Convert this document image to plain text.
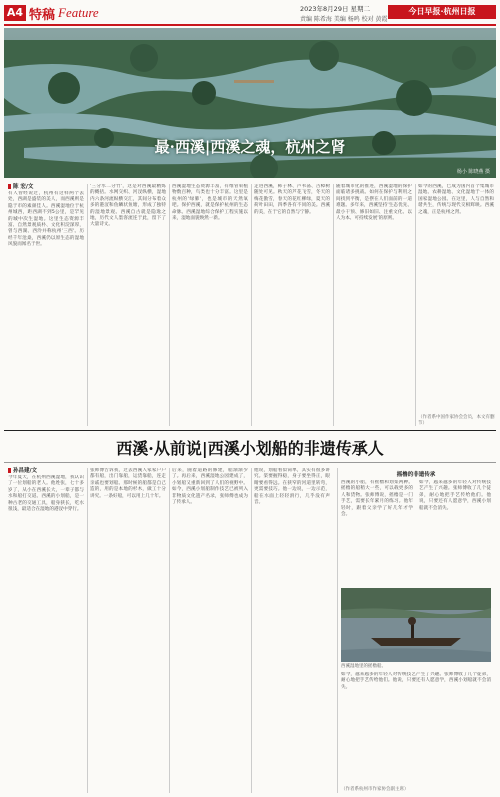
A4 特稿 Feature	2023年8月29日 星期二
责编 陈希海 美编 杨鸣 校对 黄霞
今日早报·杭州日报
最·西溪|西溪之魂，杭州之肾
杨小 陈晓燕 摄
陈 宏/文
有人曾经说过，杭州有这样两个去处，西湖是盛装的美人，而西溪则是隐于市的素颜佳人。西溪湿地位于杭州城西，距西湖不到5公里，是罕见的城中次生湿地。这里生态资源丰富、自然景观质朴、文化积淀深厚，曾与西湖、西泠并称杭州'三西'。历经千年沧桑，西溪仍以原生态的湿地风貌而闻名于世。
'三分水二分竹'，这是对西溪最精炼的概括。水网交织、河汊纵横，湿地内六条河流纵横交汇，其间分布着众多的港汊和鱼鳞状鱼塘，形成了独特的湿地景观。西溪自古就是隐逸之地，历代文人墨客流连于此，留下了大量诗文。
西溪湿地生态资源丰富，有维管束植物数百种，鸟类也十分丰富。这里是杭州的'绿肺'，也是城市的天然氧吧。保护西溪，就是保护杭州的生态命脉。西溪湿地综合保护工程实施以来，湿地面貌焕然一新。
走进西溪，柿子林、芦苇荡、古樟树随处可见。秋天的芦花飞雪，冬天的梅花傲雪，春天的花红柳绿，夏天的荷叶田田，四季各有不同的美。西溪的美，在于它的自然与宁静。
随着城市化的推进，西溪湿地的保护面临诸多挑战。如何在保护与利用之间找到平衡，是摆在人们面前的一道难题。多年来，西溪坚持'生态优先、最小干预、修旧如旧、注重文化、以人为本、可持续发展'的原则。
如今的西溪，已成为国内首个集城市湿地、农耕湿地、文化湿地于一体的国家湿地公园。在这里，人与自然和谐共生，传统与现代交相辉映。西溪之魂，正是杭州之肾。
（作者系中国作家协会会员，本文有删节）
西溪·从前说|西溪小划船的非遗传承人
孙昌建/文
今年夏天，在杭州西溪湿地，我认识了一位划船的老人。他姓张，七十多岁了，从小在西溪长大，一辈子都与水和船打交道。西溪的小划船，是一种古老的交通工具，船身狭长，吃水很浅，最适合在湿地的港汊中穿行。
张师傅告诉我，过去西溪人家家户户都有船，出门靠船，运货靠船，连走亲戚也要划船。那时候的船都是自己造的，用的是本地的杉木，做工十分讲究。一条好船，可以用上几十年。
后来，随着道路的修建，船渐渐少了。再后来，西溪湿地公园建成了，小划船又重新回到了人们的视野中。如今，西溪小划船制作技艺已被列入非物质文化遗产名录，张师傅也成为了传承人。
他说，划船看似简单，其实有很多讲究。桨要握得稳，身子要坐得正，眼睛要看得远。在狭窄的河道里转弯，更需要技巧。他一边说，一边示范，船在水面上轻轻滑行，几乎没有声音。
摇橹的非遗传承
西溪的小船，有摇橹和划桨两种。摇橹的船稍大一些，可以载更多的人和货物。张师傅说，摇橹是一门手艺，需要长年累月的练习。他年轻时，跟着父亲学了好几年才学会。
如今，越来越多的年轻人对传统技艺产生了兴趣。张师傅收了几个徒弟，耐心地把手艺传给他们。他说，只要还有人愿意学，西溪小划船就不会消失。
西溪湿地里的摇橹船。
如今，越来越多的年轻人对传统技艺产生了兴趣。张师傅收了几个徒弟，耐心地把手艺传给他们。他说，只要还有人愿意学，西溪小划船就不会消失。
（作者系杭州市作家协会副主席）
